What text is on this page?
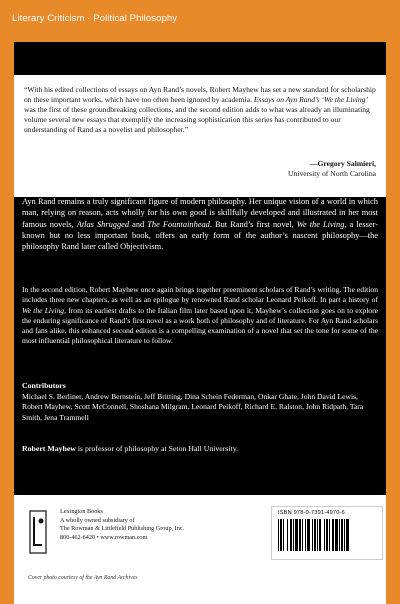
Literary Criticism · Political Philosophy
“With his edited collections of essays on Ayn Rand’s novels, Robert Mayhew has set a new standard for scholarship on these important works, which have too often been ignored by academia. Essays on Ayn Rand’s ‘We the Living’ was the first of these groundbreaking collections, and the second edition adds to what was already an illuminating volume several new essays that exemplify the increasing sophistication this series has contributed to our understanding of Rand as a novelist and philosopher.”
—Gregory Salmieri,
University of North Carolina
Ayn Rand remains a truly significant figure of modern philosophy. Her unique vision of a world in which man, relying on reason, acts wholly for his own good is skillfully developed and illustrated in her most famous novels, Atlas Shrugged and The Fountainhead. But Rand’s first novel, We the Living, a lesser-known but no less important book, offers an early form of the author’s nascent philosophy—the philosophy Rand later called Objectivism.
In the second edition, Robert Mayhew once again brings together preeminent scholars of Rand’s writing. The edition includes three new chapters, as well as an epilogue by renowned Rand scholar Leonard Peikoff. In part a history of We the Living, from its earliest drafts to the Italian film later based upon it, Mayhew’s collection goes on to explore the enduring significance of Rand’s first novel as a work both of philosophy and of literature. For Ayn Rand scholars and fans alike, this enhanced second edition is a compelling examination of a novel that set the tone for some of the most influential philosophical literature to follow.
Contributors
Michael S. Berliner, Andrew Bernstein, Jeff Britting, Dina Schein Federman, Onkar Ghate, John David Lewis, Robert Mayhew, Scott McConnell, Shoshana Milgram, Leonard Peikoff, Richard E. Ralston, John Ridpath, Tara Smith, Jena Trammell
Robert Mayhew is professor of philosophy at Seton Hall University.
Lexington Books
A wholly owned subsidiary of
The Rowman & Littlefield Publishing Group, Inc.
800-462-6420 • www.rowman.com
Cover photo courtesy of the Ayn Rand Archives
ISBN 978-0-7391-4970-6
